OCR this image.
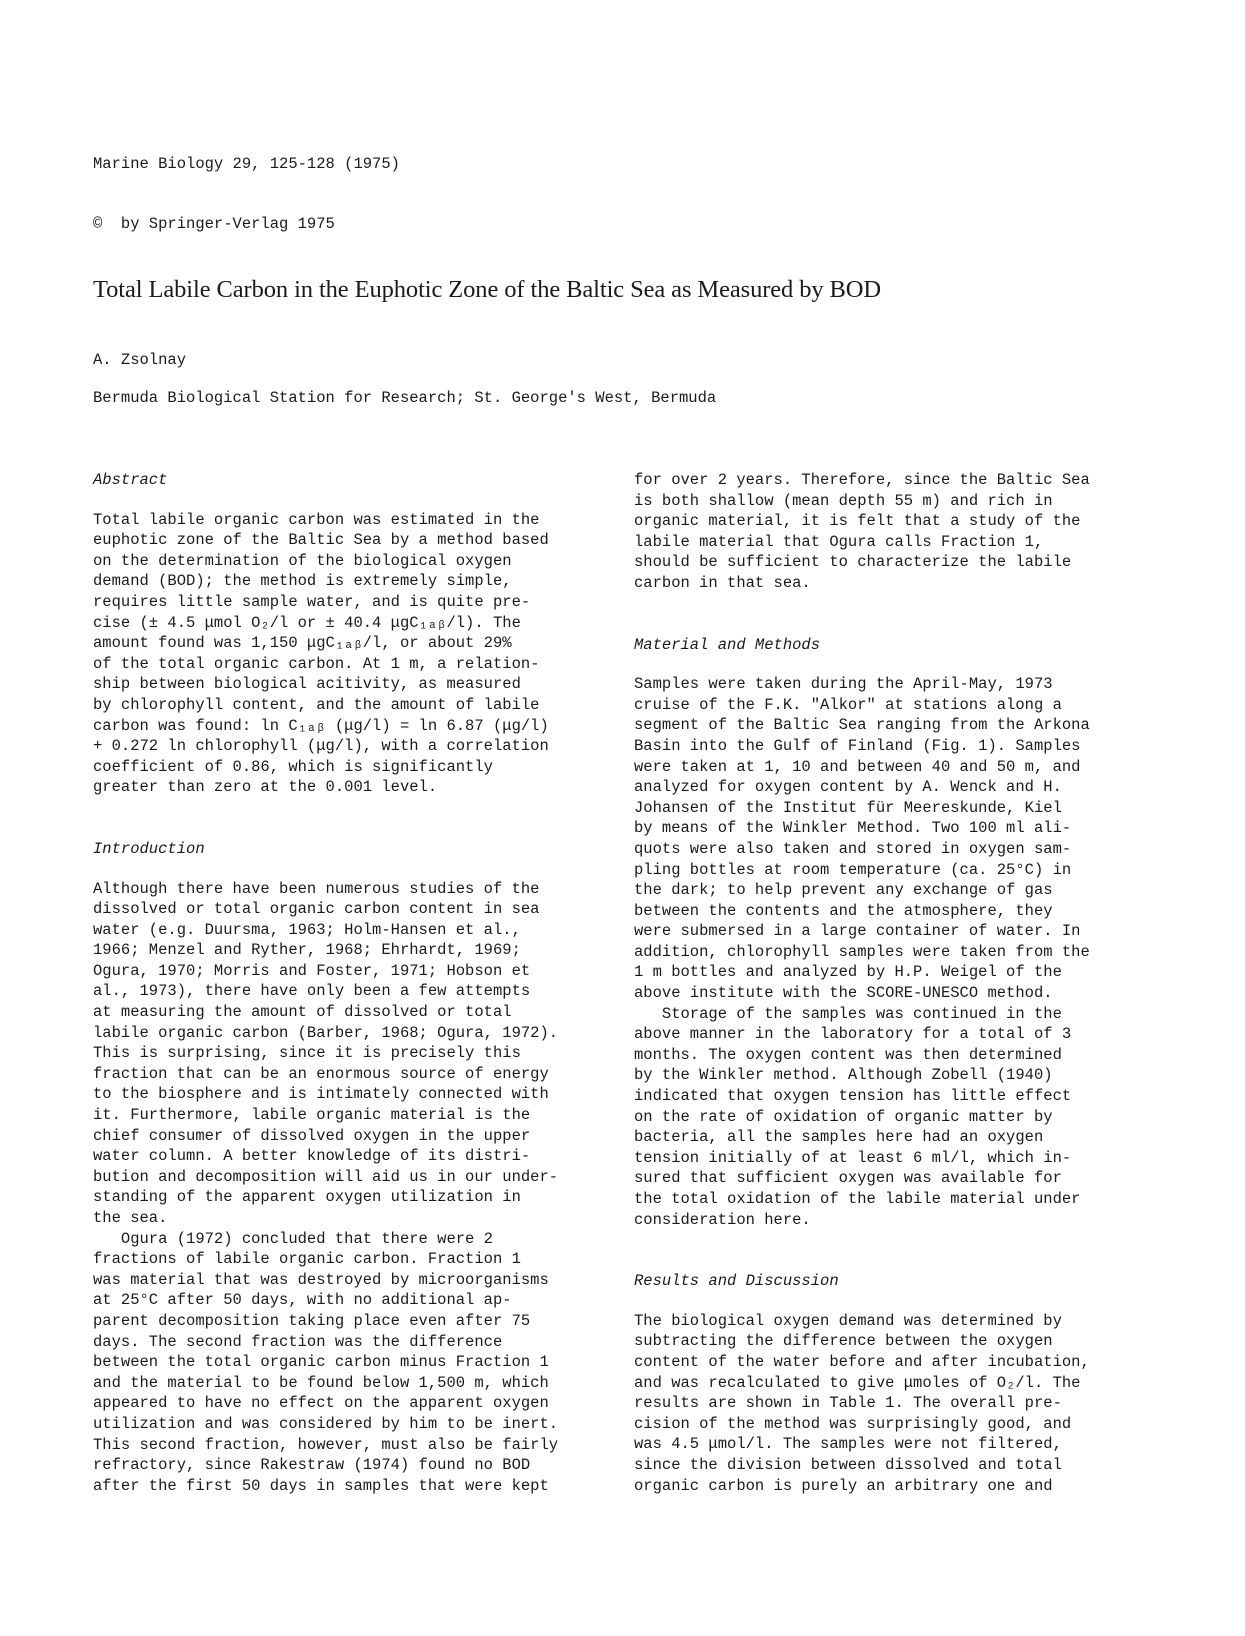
Marine Biology 29, 125-128 (1975)

©  by Springer-Verlag 1975

Total Labile Carbon in the Euphotic Zone of the Baltic Sea as Measured by BOD
A. Zsolnay
Bermuda Biological Station for Research; St. George's West, Bermuda
Abstract

Total labile organic carbon was estimated in the
euphotic zone of the Baltic Sea by a method based
on the determination of the biological oxygen
demand (BOD); the method is extremely simple,
requires little sample water, and is quite pre-
cise (± 4.5 μmol O₂/l or ± 40.4 μgC₁ₐᵦ/l). The
amount found was 1,150 μgC₁ₐᵦ/l, or about 29%
of the total organic carbon. At 1 m, a relation-
ship between biological acitivity, as measured
by chlorophyll content, and the amount of labile
carbon was found: ln C₁ₐᵦ (μg/l) = ln 6.87 (μg/l)
+ 0.272 ln chlorophyll (μg/l), with a correlation
coefficient of 0.86, which is significantly
greater than zero at the 0.001 level.

Introduction

Although there have been numerous studies of the
dissolved or total organic carbon content in sea
water (e.g. Duursma, 1963; Holm-Hansen et al.,
1966; Menzel and Ryther, 1968; Ehrhardt, 1969;
Ogura, 1970; Morris and Foster, 1971; Hobson et
al., 1973), there have only been a few attempts
at measuring the amount of dissolved or total
labile organic carbon (Barber, 1968; Ogura, 1972).
This is surprising, since it is precisely this
fraction that can be an enormous source of energy
to the biosphere and is intimately connected with
it. Furthermore, labile organic material is the
chief consumer of dissolved oxygen in the upper
water column. A better knowledge of its distri-
bution and decomposition will aid us in our under-
standing of the apparent oxygen utilization in
the sea.

Ogura (1972) concluded that there were 2
fractions of labile organic carbon. Fraction 1
was material that was destroyed by microorganisms
at 25°C after 50 days, with no additional ap-
parent decomposition taking place even after 75
days. The second fraction was the difference
between the total organic carbon minus Fraction 1
and the material to be found below 1,500 m, which
appeared to have no effect on the apparent oxygen
utilization and was considered by him to be inert.
This second fraction, however, must also be fairly
refractory, since Rakestraw (1974) found no BOD
after the first 50 days in samples that were kept

for over 2 years. Therefore, since the Baltic Sea
is both shallow (mean depth 55 m) and rich in
organic material, it is felt that a study of the
labile material that Ogura calls Fraction 1,
should be sufficient to characterize the labile
carbon in that sea.

Material and Methods

Samples were taken during the April-May, 1973
cruise of the F.K. "Alkor" at stations along a
segment of the Baltic Sea ranging from the Arkona
Basin into the Gulf of Finland (Fig. 1). Samples
were taken at 1, 10 and between 40 and 50 m, and
analyzed for oxygen content by A. Wenck and H.
Johansen of the Institut für Meereskunde, Kiel
by means of the Winkler Method. Two 100 ml ali-
quots were also taken and stored in oxygen sam-
pling bottles at room temperature (ca. 25°C) in
the dark; to help prevent any exchange of gas
between the contents and the atmosphere, they
were submersed in a large container of water. In
addition, chlorophyll samples were taken from the
1 m bottles and analyzed by H.P. Weigel of the
above institute with the SCORE-UNESCO method.

Storage of the samples was continued in the
above manner in the laboratory for a total of 3
months. The oxygen content was then determined
by the Winkler method. Although Zobell (1940)
indicated that oxygen tension has little effect
on the rate of oxidation of organic matter by
bacteria, all the samples here had an oxygen
tension initially of at least 6 ml/l, which in-
sured that sufficient oxygen was available for
the total oxidation of the labile material under
consideration here.

Results and Discussion

The biological oxygen demand was determined by
subtracting the difference between the oxygen
content of the water before and after incubation,
and was recalculated to give μmoles of O₂/l. The
results are shown in Table 1. The overall pre-
cision of the method was surprisingly good, and
was 4.5 μmol/l. The samples were not filtered,
since the division between dissolved and total
organic carbon is purely an arbitrary one and
